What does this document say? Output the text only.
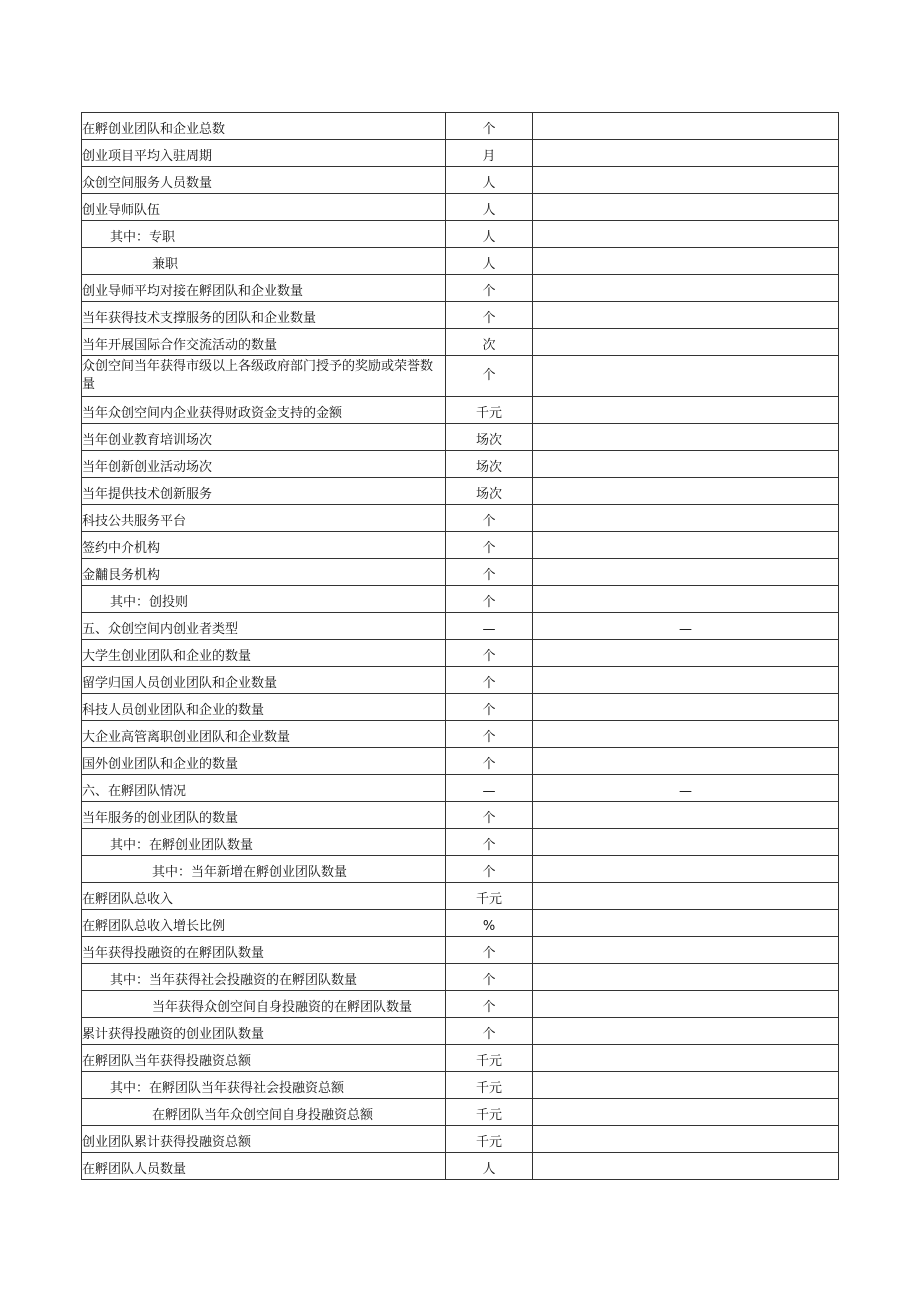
在孵创业团队和企业总数	个	
创业项目平均入驻周期	月	
众创空间服务人员数量	人	
创业导师队伍	人	
其中：专职	人	
兼职	人	
创业导师平均对接在孵团队和企业数量	个	
当年获得技术支撑服务的团队和企业数量	个	
当年开展国际合作交流活动的数量	次	
众创空间当年获得市级以上各级政府部门授予的奖励或荣誉数量	个	
当年众创空间内企业获得财政资金支持的金额	千元	
当年创业教育培训场次	场次	
当年创新创业活动场次	场次	
当年提供技术创新服务	场次	
科技公共服务平台	个	
签约中介机构	个	
金黼艮务机构	个	
其中：创投则	个	
五、众创空间内创业者类型	—	—
大学生创业团队和企业的数量	个	
留学归国人员创业团队和企业数量	个	
科技人员创业团队和企业的数量	个	
大企业高管离职创业团队和企业数量	个	
国外创业团队和企业的数量	个	
六、在孵团队情况	—	—
当年服务的创业团队的数量	个	
其中：在孵创业团队数量	个	
其中：当年新增在孵创业团队数量	个	
在孵团队总收入	千元	
在孵团队总收入增长比例	%	
当年获得投融资的在孵团队数量	个	
其中：当年获得社会投融资的在孵团队数量	个	
当年获得众创空间自身投融资的在孵团队数量	个	
累计获得投融资的创业团队数量	个	
在孵团队当年获得投融资总额	千元	
其中：在孵团队当年获得社会投融资总额	千元	
在孵团队当年众创空间自身投融资总额	千元	
创业团队累计获得投融资总额	千元	
在孵团队人员数量	人	
